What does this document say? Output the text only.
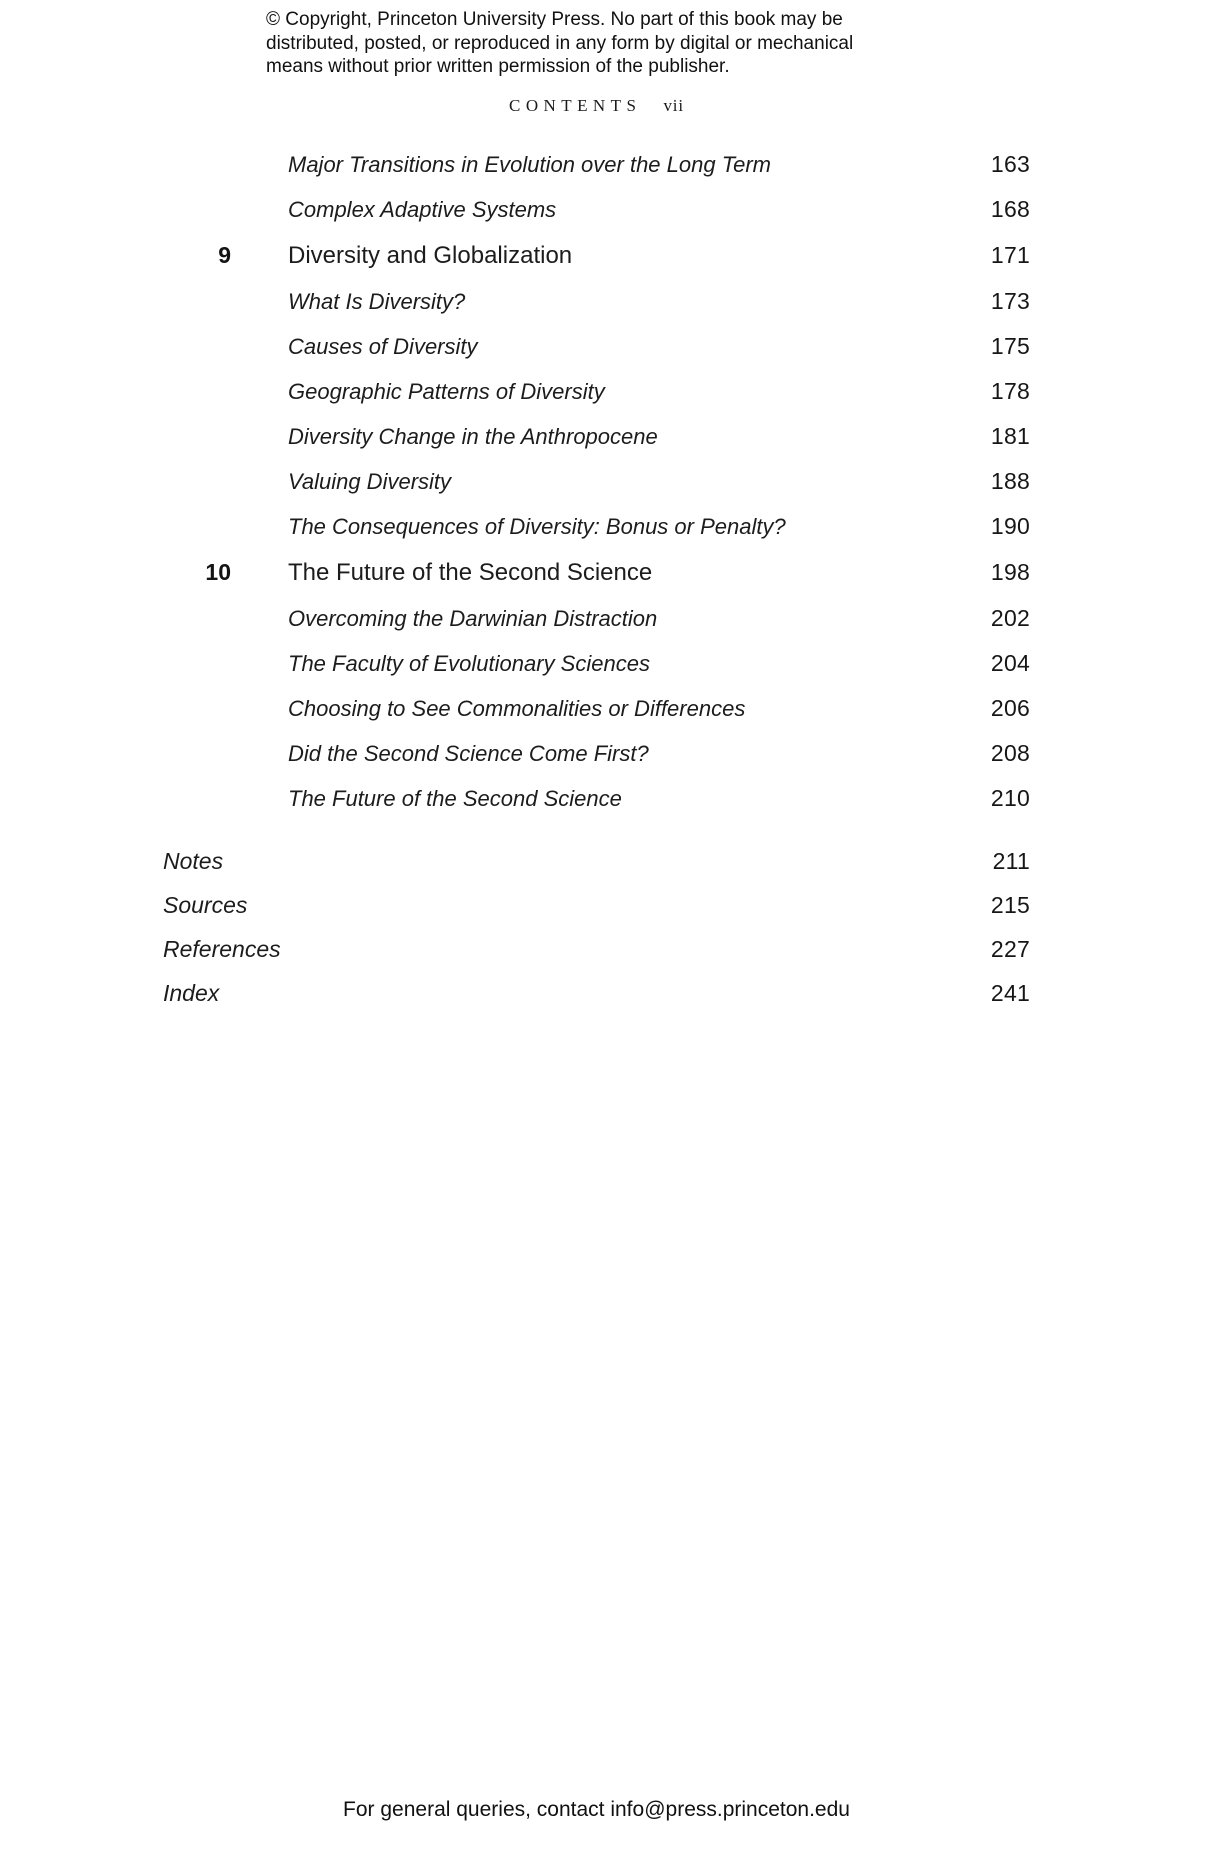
© Copyright, Princeton University Press. No part of this book may be
distributed, posted, or reproduced in any form by digital or mechanical
means without prior written permission of the publisher.
CONTENTS vii
Major Transitions in Evolution over the Long Term	163
Complex Adaptive Systems	168
9 Diversity and Globalization	171
What Is Diversity?	173
Causes of Diversity	175
Geographic Patterns of Diversity	178
Diversity Change in the Anthropocene	181
Valuing Diversity	188
The Consequences of Diversity: Bonus or Penalty?	190
10 The Future of the Second Science	198
Overcoming the Darwinian Distraction	202
The Faculty of Evolutionary Sciences	204
Choosing to See Commonalities or Differences	206
Did the Second Science Come First?	208
The Future of the Second Science	210
Notes	211
Sources	215
References	227
Index	241
For general queries, contact info@press.princeton.edu
